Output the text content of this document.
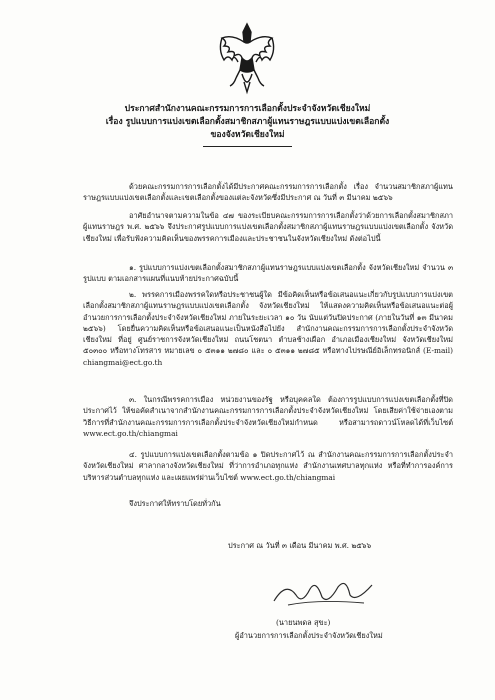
ประกาศสำนักงานคณะกรรมการการเลือกตั้งประจำจังหวัดเชียงใหม่
เรื่อง รูปแบบการแบ่งเขตเลือกตั้งสมาชิกสภาผู้แทนราษฎรแบบแบ่งเขตเลือกตั้ง
ของจังหวัดเชียงใหม่
ด้วยคณะกรรมการการเลือกตั้งได้มีประกาศคณะกรรมการการเลือกตั้ง เรื่อง จำนวนสมาชิกสภาผู้แทนราษฎรแบบแบ่งเขตเลือกตั้งและเขตเลือกตั้งของแต่ละจังหวัดซึ่งมีประกาศ ณ วันที่ ๓ มีนาคม ๒๕๖๖
อาศัยอำนาจตามความในข้อ ๔๗ ของระเบียบคณะกรรมการการเลือกตั้งว่าด้วยการเลือกตั้งสมาชิกสภาผู้แทนราษฎร พ.ศ. ๒๕๖๖ จึงประกาศรูปแบบการแบ่งเขตเลือกตั้งสมาชิกสภาผู้แทนราษฎรแบบแบ่งเขตเลือกตั้ง จังหวัดเชียงใหม่ เพื่อรับฟังความคิดเห็นของพรรคการเมืองและประชาชนในจังหวัดเชียงใหม่ ดังต่อไปนี้
๑. รูปแบบการแบ่งเขตเลือกตั้งสมาชิกสภาผู้แทนราษฎรแบบแบ่งเขตเลือกตั้ง จังหวัดเชียงใหม่ จำนวน ๓ รูปแบบ ตามเอกสารแผนที่แนบท้ายประกาศฉบับนี้
๒. พรรคการเมืองพรรคใดหรือประชาชนผู้ใด มีข้อคิดเห็นหรือข้อเสนอแนะเกี่ยวกับรูปแบบการแบ่งเขตเลือกตั้งสมาชิกสภาผู้แทนราษฎรแบบแบ่งเขตเลือกตั้ง จังหวัดเชียงใหม่ ให้แสดงความคิดเห็นหรือข้อเสนอแนะต่อผู้อำนวยการการเลือกตั้งประจำจังหวัดเชียงใหม่ ภายในระยะเวลา ๑๐ วัน นับแต่วันปิดประกาศ (ภายในวันที่ ๑๓ มีนาคม ๒๕๖๖) โดยยื่นความคิดเห็นหรือข้อเสนอแนะเป็นหนังสือไปยัง สำนักงานคณะกรรมการการเลือกตั้งประจำจังหวัดเชียงใหม่ ที่อยู่ ศูนย์ราชการจังหวัดเชียงใหม่ ถนนโชตนา ตำบลช้างเผือก อำเภอเมืองเชียงใหม่ จังหวัดเชียงใหม่ ๕๐๓๐๐ หรือทางโทรสาร หมายเลข ๐ ๕๓๑๑ ๒๗๘๐ และ ๐ ๕๓๑๑ ๒๗๘๕ หรือทางไปรษณีย์อิเล็กทรอนิกส์ (E-mail) chiangmai@ect.go.th
๓. ในกรณีพรรคการเมือง หน่วยงานของรัฐ หรือบุคคลใด ต้องการรูปแบบการแบ่งเขตเลือกตั้งที่ปิดประกาศไว้ ให้ขอคัดสำเนาจากสำนักงานคณะกรรมการการเลือกตั้งประจำจังหวัดเชียงใหม่ โดยเสียค่าใช้จ่ายเองตามวิธีการที่สำนักงานคณะกรรมการการเลือกตั้งประจำจังหวัดเชียงใหม่กำหนด หรือสามารถดาวน์โหลดได้ที่เว็บไซต์ www.ect.go.th/chiangmai
๔. รูปแบบการแบ่งเขตเลือกตั้งตามข้อ ๑ ปิดประกาศไว้ ณ สำนักงานคณะกรรมการการเลือกตั้งประจำจังหวัดเชียงใหม่ ศาลากลางจังหวัดเชียงใหม่ ที่ว่าการอำเภอทุกแห่ง สำนักงานเทศบาลทุกแห่ง หรือที่ทำการองค์การบริหารส่วนตำบลทุกแห่ง และเผยแพร่ผ่านเว็บไซต์ www.ect.go.th/chiangmai
จึงประกาศให้ทราบโดยทั่วกัน
ประกาศ ณ วันที่ ๓ เดือน มีนาคม พ.ศ. ๒๕๖๖
(นายนพดล สุขะ)
ผู้อำนวยการการเลือกตั้งประจำจังหวัดเชียงใหม่
